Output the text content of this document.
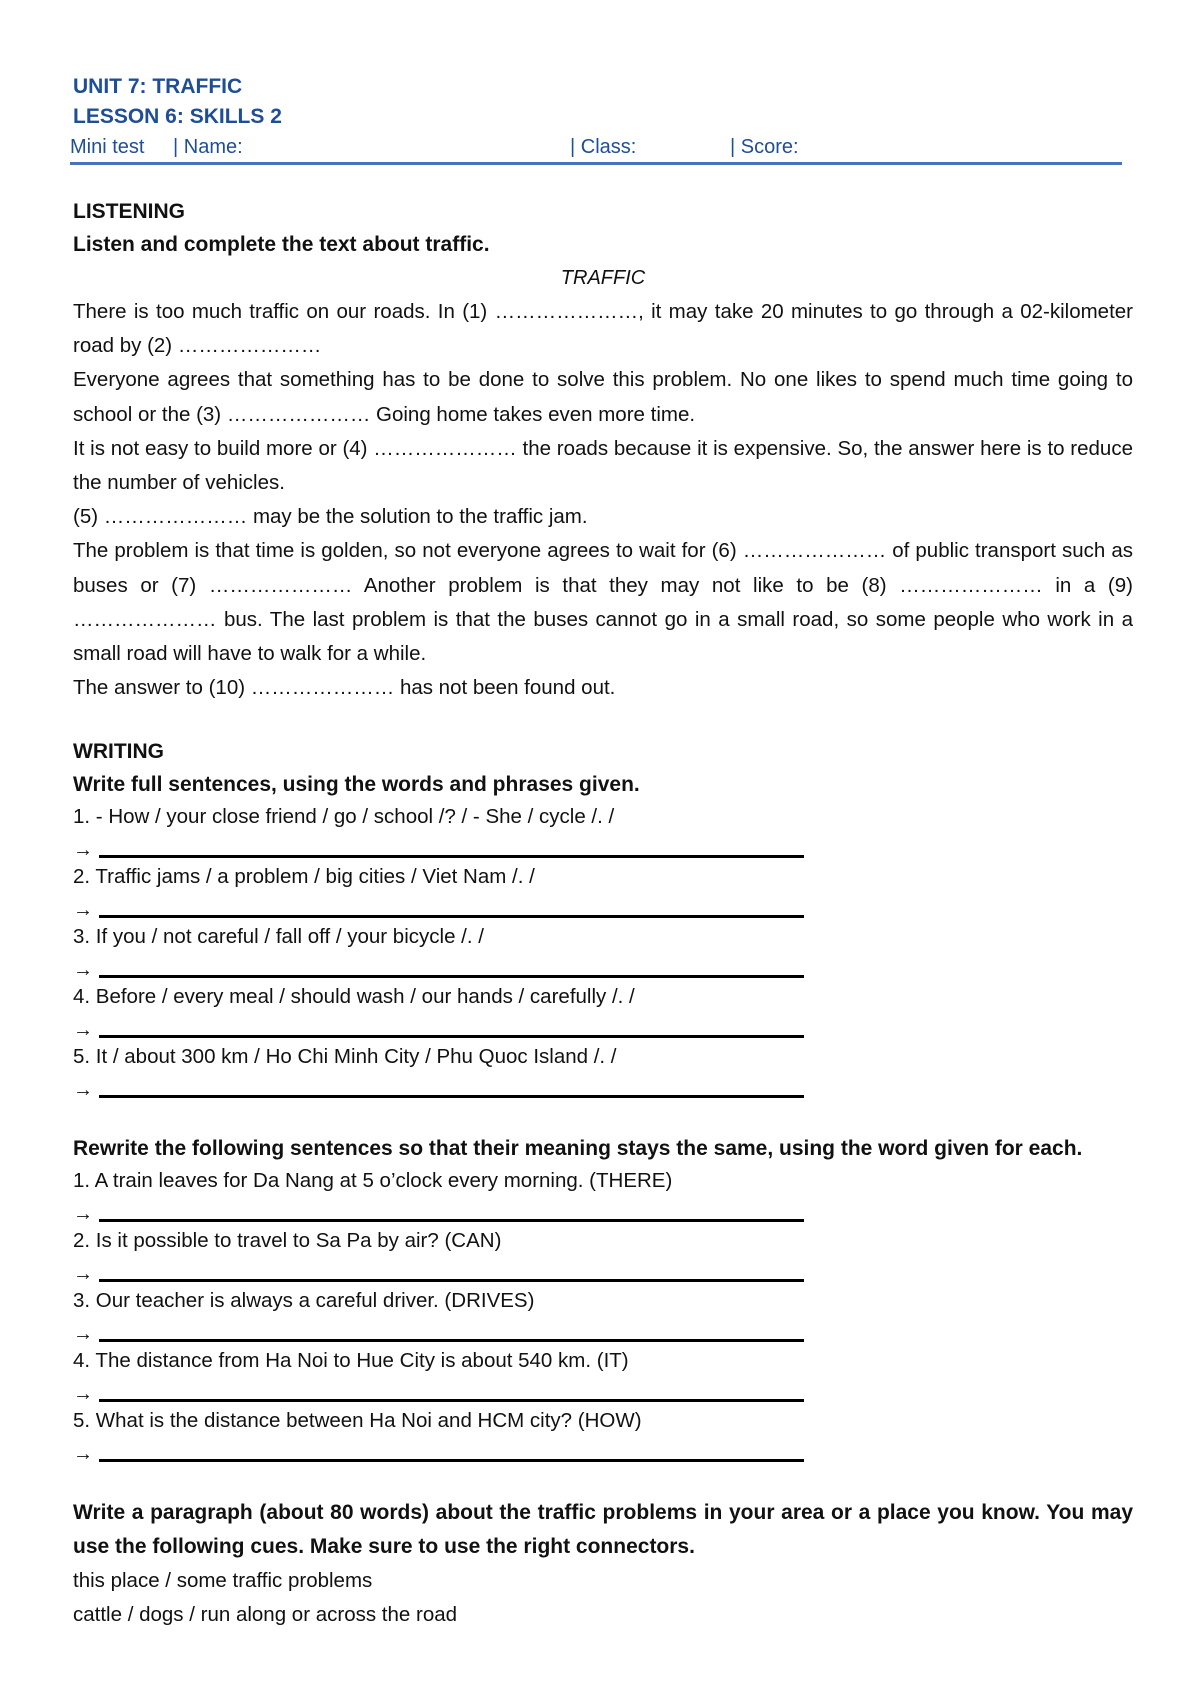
UNIT 7: TRAFFIC
LESSON 6: SKILLS 2
Mini test	| Name:	| Class:	| Score:
LISTENING
Listen and complete the text about traffic.
TRAFFIC

There is too much traffic on our roads. In (1) …………………, it may take 20 minutes to go through a 02-kilometer road by (2) …………………

Everyone agrees that something has to be done to solve this problem. No one likes to spend much time going to school or the (3) ………………… Going home takes even more time.

It is not easy to build more or (4) ………………… the roads because it is expensive. So, the answer here is to reduce the number of vehicles.

(5) ………………… may be the solution to the traffic jam.

The problem is that time is golden, so not everyone agrees to wait for (6) ………………… of public transport such as buses or (7) ………………… Another problem is that they may not like to be (8) ………………… in a (9) ………………… bus. The last problem is that the buses cannot go in a small road, so some people who work in a small road will have to walk for a while.

The answer to (10) ………………… has not been found out.

WRITING
Write full sentences, using the words and phrases given.
1. - How / your close friend / go / school /? / - She / cycle /. /
→
2. Traffic jams / a problem / big cities / Viet Nam /. /
→
3. If you / not careful / fall off / your bicycle /. /
→
4. Before / every meal / should wash / our hands / carefully /. /
→
5. It / about 300 km / Ho Chi Minh City / Phu Quoc Island /. /
→
Rewrite the following sentences so that their meaning stays the same, using the word given for each.
1. A train leaves for Da Nang at 5 o’clock every morning. (THERE)
→
2. Is it possible to travel to Sa Pa by air? (CAN)
→
3. Our teacher is always a careful driver. (DRIVES)
→
4. The distance from Ha Noi to Hue City is about 540 km. (IT)
→
5. What is the distance between Ha Noi and HCM city? (HOW)
→
Write a paragraph (about 80 words) about the traffic problems in your area or a place you know. You may use the following cues. Make sure to use the right connectors.
this place / some traffic problems
cattle / dogs / run along or across the road
